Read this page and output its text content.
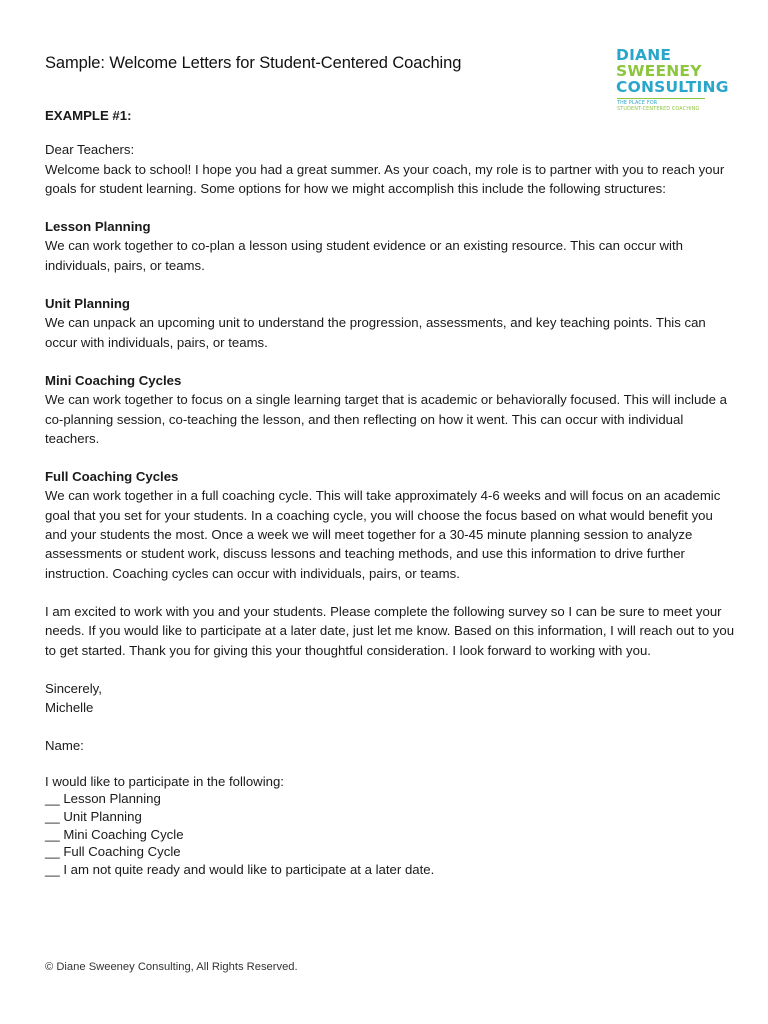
Sample: Welcome Letters for Student-Centered Coaching	DIANE
SWEENEY
CONSULTING
THE PLACE FOR
STUDENT-CENTERED COACHING

EXAMPLE #1:

Dear Teachers:

Welcome back to school! I hope you had a great summer. As your coach, my role is to partner with you to reach your goals for student learning. Some options for how we might accomplish this include the following structures:

Lesson Planning

We can work together to co-plan a lesson using student evidence or an existing resource. This can occur with individuals, pairs, or teams.

Unit Planning

We can unpack an upcoming unit to understand the progression, assessments, and key teaching points. This can occur with individuals, pairs, or teams.

Mini Coaching Cycles

We can work together to focus on a single learning target that is academic or behaviorally focused. This will include a co-planning session, co-teaching the lesson, and then reflecting on how it went. This can occur with individual teachers.

Full Coaching Cycles

We can work together in a full coaching cycle. This will take approximately 4-6 weeks and will focus on an academic goal that you set for your students. In a coaching cycle, you will choose the focus based on what would benefit you and your students the most. Once a week we will meet together for a 30-45 minute planning session to analyze assessments or student work, discuss lessons and teaching methods, and use this information to drive further instruction. Coaching cycles can occur with individuals, pairs, or teams.

I am excited to work with you and your students. Please complete the following survey so I can be sure to meet your needs. If you would like to participate at a later date, just let me know. Based on this information, I will reach out to you to get started. Thank you for giving this your thoughtful consideration. I look forward to working with you.

Sincerely,

Michelle

Name:

I would like to participate in the following:

__ Lesson Planning

__ Unit Planning

__ Mini Coaching Cycle

__ Full Coaching Cycle

__ I am not quite ready and would like to participate at a later date.

© Diane Sweeney Consulting, All Rights Reserved.
